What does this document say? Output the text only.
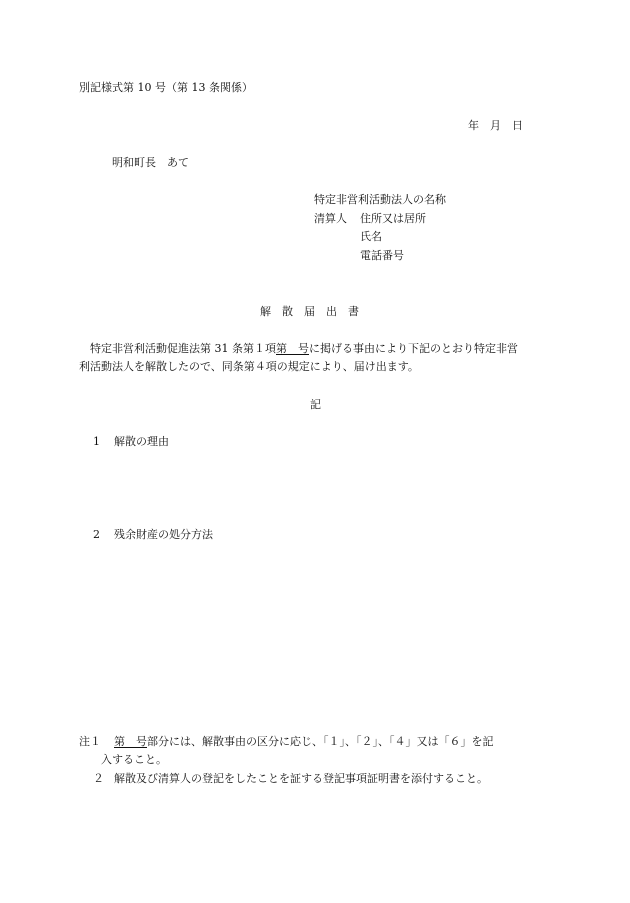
別記様式第 10 号（第 13 条関係）
年　月　日
明和町長　あて
特定非営利活動法人の名称
清算人 住所又は居所
氏名
電話番号
解　散　届　出　書
特定非営利活動促進法第 31 条第１項第　号に掲げる事由により下記のとおり特定非営
利活動法人を解散したので、同条第４項の規定により、届け出ます。
記
1 解散の理由
2 残余財産の処分方法
注１ 第　号部分には、解散事由の区分に応じ、「１」、「２」、「４」又は「６」を記
入すること。
２ 解散及び清算人の登記をしたことを証する登記事項証明書を添付すること。
